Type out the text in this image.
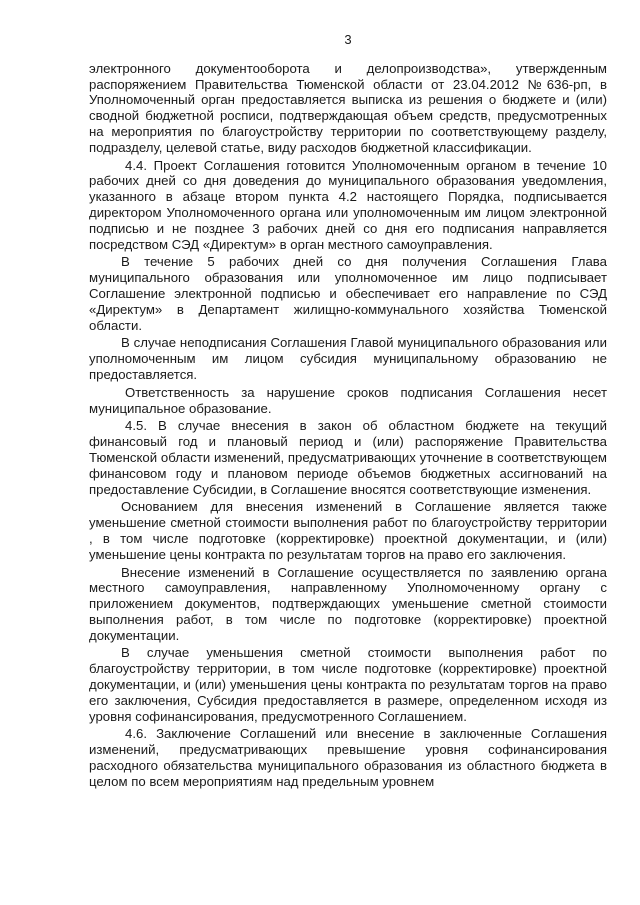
3

электронного документооборота и делопроизводства», утвержденным распоряжением Правительства Тюменской области от 23.04.2012 №636-рп, в Уполномоченный орган предоставляется выписка из решения о бюджете и (или) сводной бюджетной росписи, подтверждающая объем средств, предусмотренных на мероприятия по благоустройству территории по соответствующему разделу, подразделу, целевой статье, виду расходов бюджетной классификации.

4.4. Проект Соглашения готовится Уполномоченным органом в течение 10 рабочих дней со дня доведения до муниципального образования уведомления, указанного в абзаце втором пункта 4.2 настоящего Порядка, подписывается директором Уполномоченного органа или уполномоченным им лицом электронной подписью и не позднее 3 рабочих дней со дня его подписания направляется посредством СЭД «Директум» в орган местного самоуправления.

В течение 5 рабочих дней со дня получения Соглашения Глава муниципального образования или уполномоченное им лицо подписывает Соглашение электронной подписью и обеспечивает его направление по СЭД «Директум» в Департамент жилищно-коммунального хозяйства Тюменской области.

В случае неподписания Соглашения Главой муниципального образования или уполномоченным им лицом субсидия муниципальному образованию не предоставляется.

Ответственность за нарушение сроков подписания Соглашения несет муниципальное образование.

4.5. В случае внесения в закон об областном бюджете на текущий финансовый год и плановый период и (или) распоряжение Правительства Тюменской области изменений, предусматривающих уточнение в соответствующем финансовом году и плановом периоде объемов бюджетных ассигнований на предоставление Субсидии, в Соглашение вносятся соответствующие изменения.

Основанием для внесения изменений в Соглашение является также уменьшение сметной стоимости выполнения работ по благоустройству территории , в том числе подготовке (корректировке) проектной документации, и (или) уменьшение цены контракта по результатам торгов на право его заключения.

Внесение изменений в Соглашение осуществляется по заявлению органа местного самоуправления, направленному Уполномоченному органу с приложением документов, подтверждающих уменьшение сметной стоимости выполнения работ, в том числе по подготовке (корректировке) проектной документации.

В случае уменьшения сметной стоимости выполнения работ по благоустройству территории, в том числе подготовке (корректировке) проектной документации, и (или) уменьшения цены контракта по результатам торгов на право его заключения, Субсидия предоставляется в размере, определенном исходя из уровня софинансирования, предусмотренного Соглашением.

4.6. Заключение Соглашений или внесение в заключенные Соглашения изменений, предусматривающих превышение уровня софинансирования расходного обязательства муниципального образования из областного бюджета в целом по всем мероприятиям над предельным уровнем
